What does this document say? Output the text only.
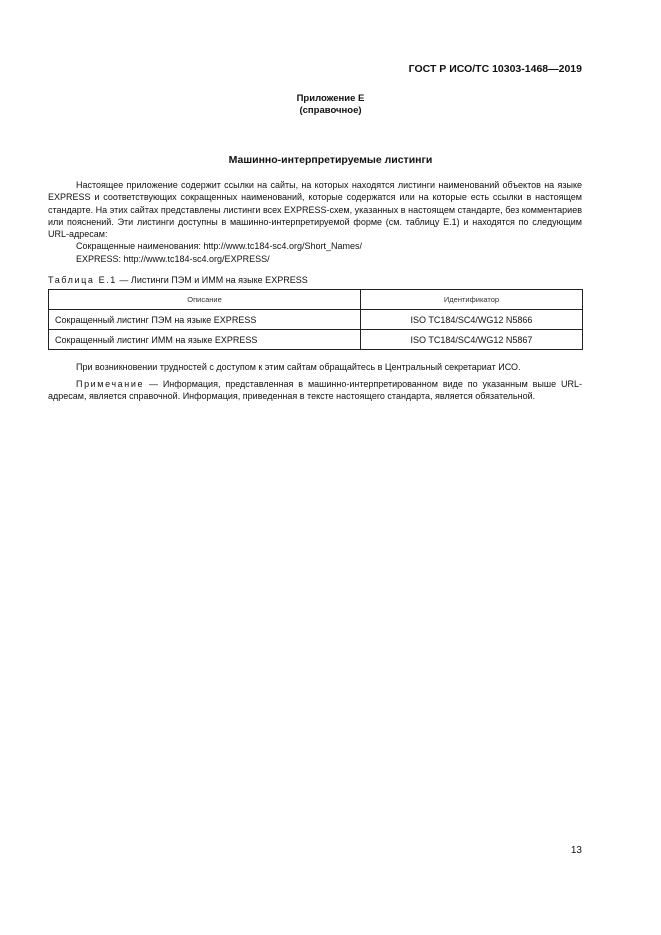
ГОСТ Р ИСО/ТС 10303-1468—2019
Приложение Е
(справочное)
Машинно-интерпретируемые листинги

Настоящее приложение содержит ссылки на сайты, на которых находятся листинги наименований объектов на языке EXPRESS и соответствующих сокращенных наименований, которые содержатся или на которые есть ссылки в настоящем стандарте. На этих сайтах представлены листинги всех EXPRESS-схем, указанных в настоящем стандарте, без комментариев или пояснений. Эти листинги доступны в машинно-интерпретируемой форме (см. таблицу Е.1) и находятся по следующим URL-адресам:

Сокращенные наименования: http://www.tc184-sc4.org/Short_Names/

EXPRESS: http://www.tc184-sc4.org/EXPRESS/

Таблица Е.1 — Листинги ПЭМ и ИММ на языке EXPRESS
Описание	Идентификатор
Сокращенный листинг ПЭМ на языке EXPRESS	ISO TC184/SC4/WG12 N5866
Сокращенный листинг ИММ на языке EXPRESS	ISO TC184/SC4/WG12 N5867

При возникновении трудностей с доступом к этим сайтам обращайтесь в Центральный секретариат ИСО.

Примечание — Информация, представленная в машинно-интерпретированном виде по указанным выше URL-адресам, является справочной. Информация, приведенная в тексте настоящего стандарта, является обязательной.

13
